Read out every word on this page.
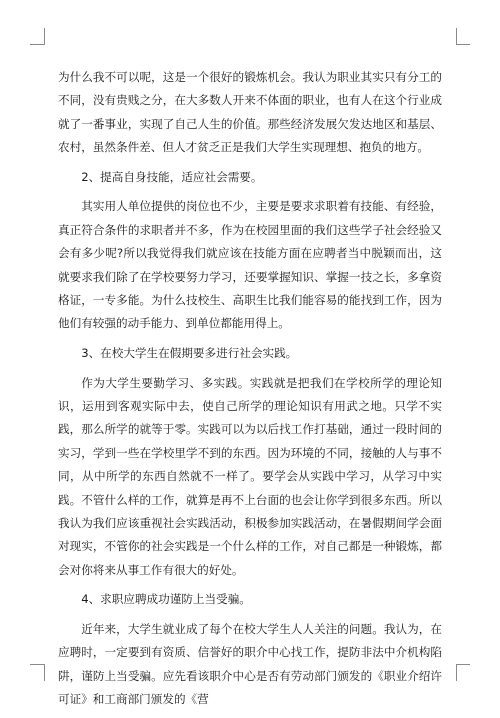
为什么我不可以呢，这是一个很好的锻炼机会。我认为职业其实只有分工的不同，没有贵贱之分，在大多数人开来不体面的职业，也有人在这个行业成就了一番事业，实现了自己人生的价值。那些经济发展欠发达地区和基层、农村，虽然条件差、但人才贫乏正是我们大学生实现理想、抱负的地方。

2、提高自身技能，适应社会需要。

其实用人单位提供的岗位也不少，主要是要求求职着有技能、有经验，真正符合条件的求职者并不多，作为在校园里面的我们这些学子社会经验又会有多少呢?所以我觉得我们就应该在技能方面在应聘者当中脱颖而出，这就要求我们除了在学校要努力学习，还要掌握知识、掌握一技之长，多拿资格证，一专多能。为什么技校生、高职生比我们能容易的能找到工作，因为他们有较强的动手能力、到单位都能用得上。

3、在校大学生在假期要多进行社会实践。

作为大学生要勤学习、多实践。实践就是把我们在学校所学的理论知识，运用到客观实际中去，使自己所学的理论知识有用武之地。只学不实践，那么所学的就等于零。实践可以为以后找工作打基础，通过一段时间的实习，学到一些在学校里学不到的东西。因为环境的不同，接触的人与事不同，从中所学的东西自然就不一样了。要学会从实践中学习，从学习中实践。不管什么样的工作，就算是再不上台面的也会让你学到很多东西。所以我认为我们应该重视社会实践活动，积极参加实践活动，在暑假期间学会面对现实，不管你的社会实践是一个什么样的工作，对自己都是一种锻炼，都会对你将来从事工作有很大的好处。

4、求职应聘成功谨防上当受骗。

近年来，大学生就业成了每个在校大学生人人关注的问题。我认为，在应聘时，一定要到有资质、信誉好的职介中心找工作，提防非法中介机构陷阱，谨防上当受骗。应先看该职介中心是否有劳动部门颁发的《职业介绍许可证》和工商部门颁发的《营
